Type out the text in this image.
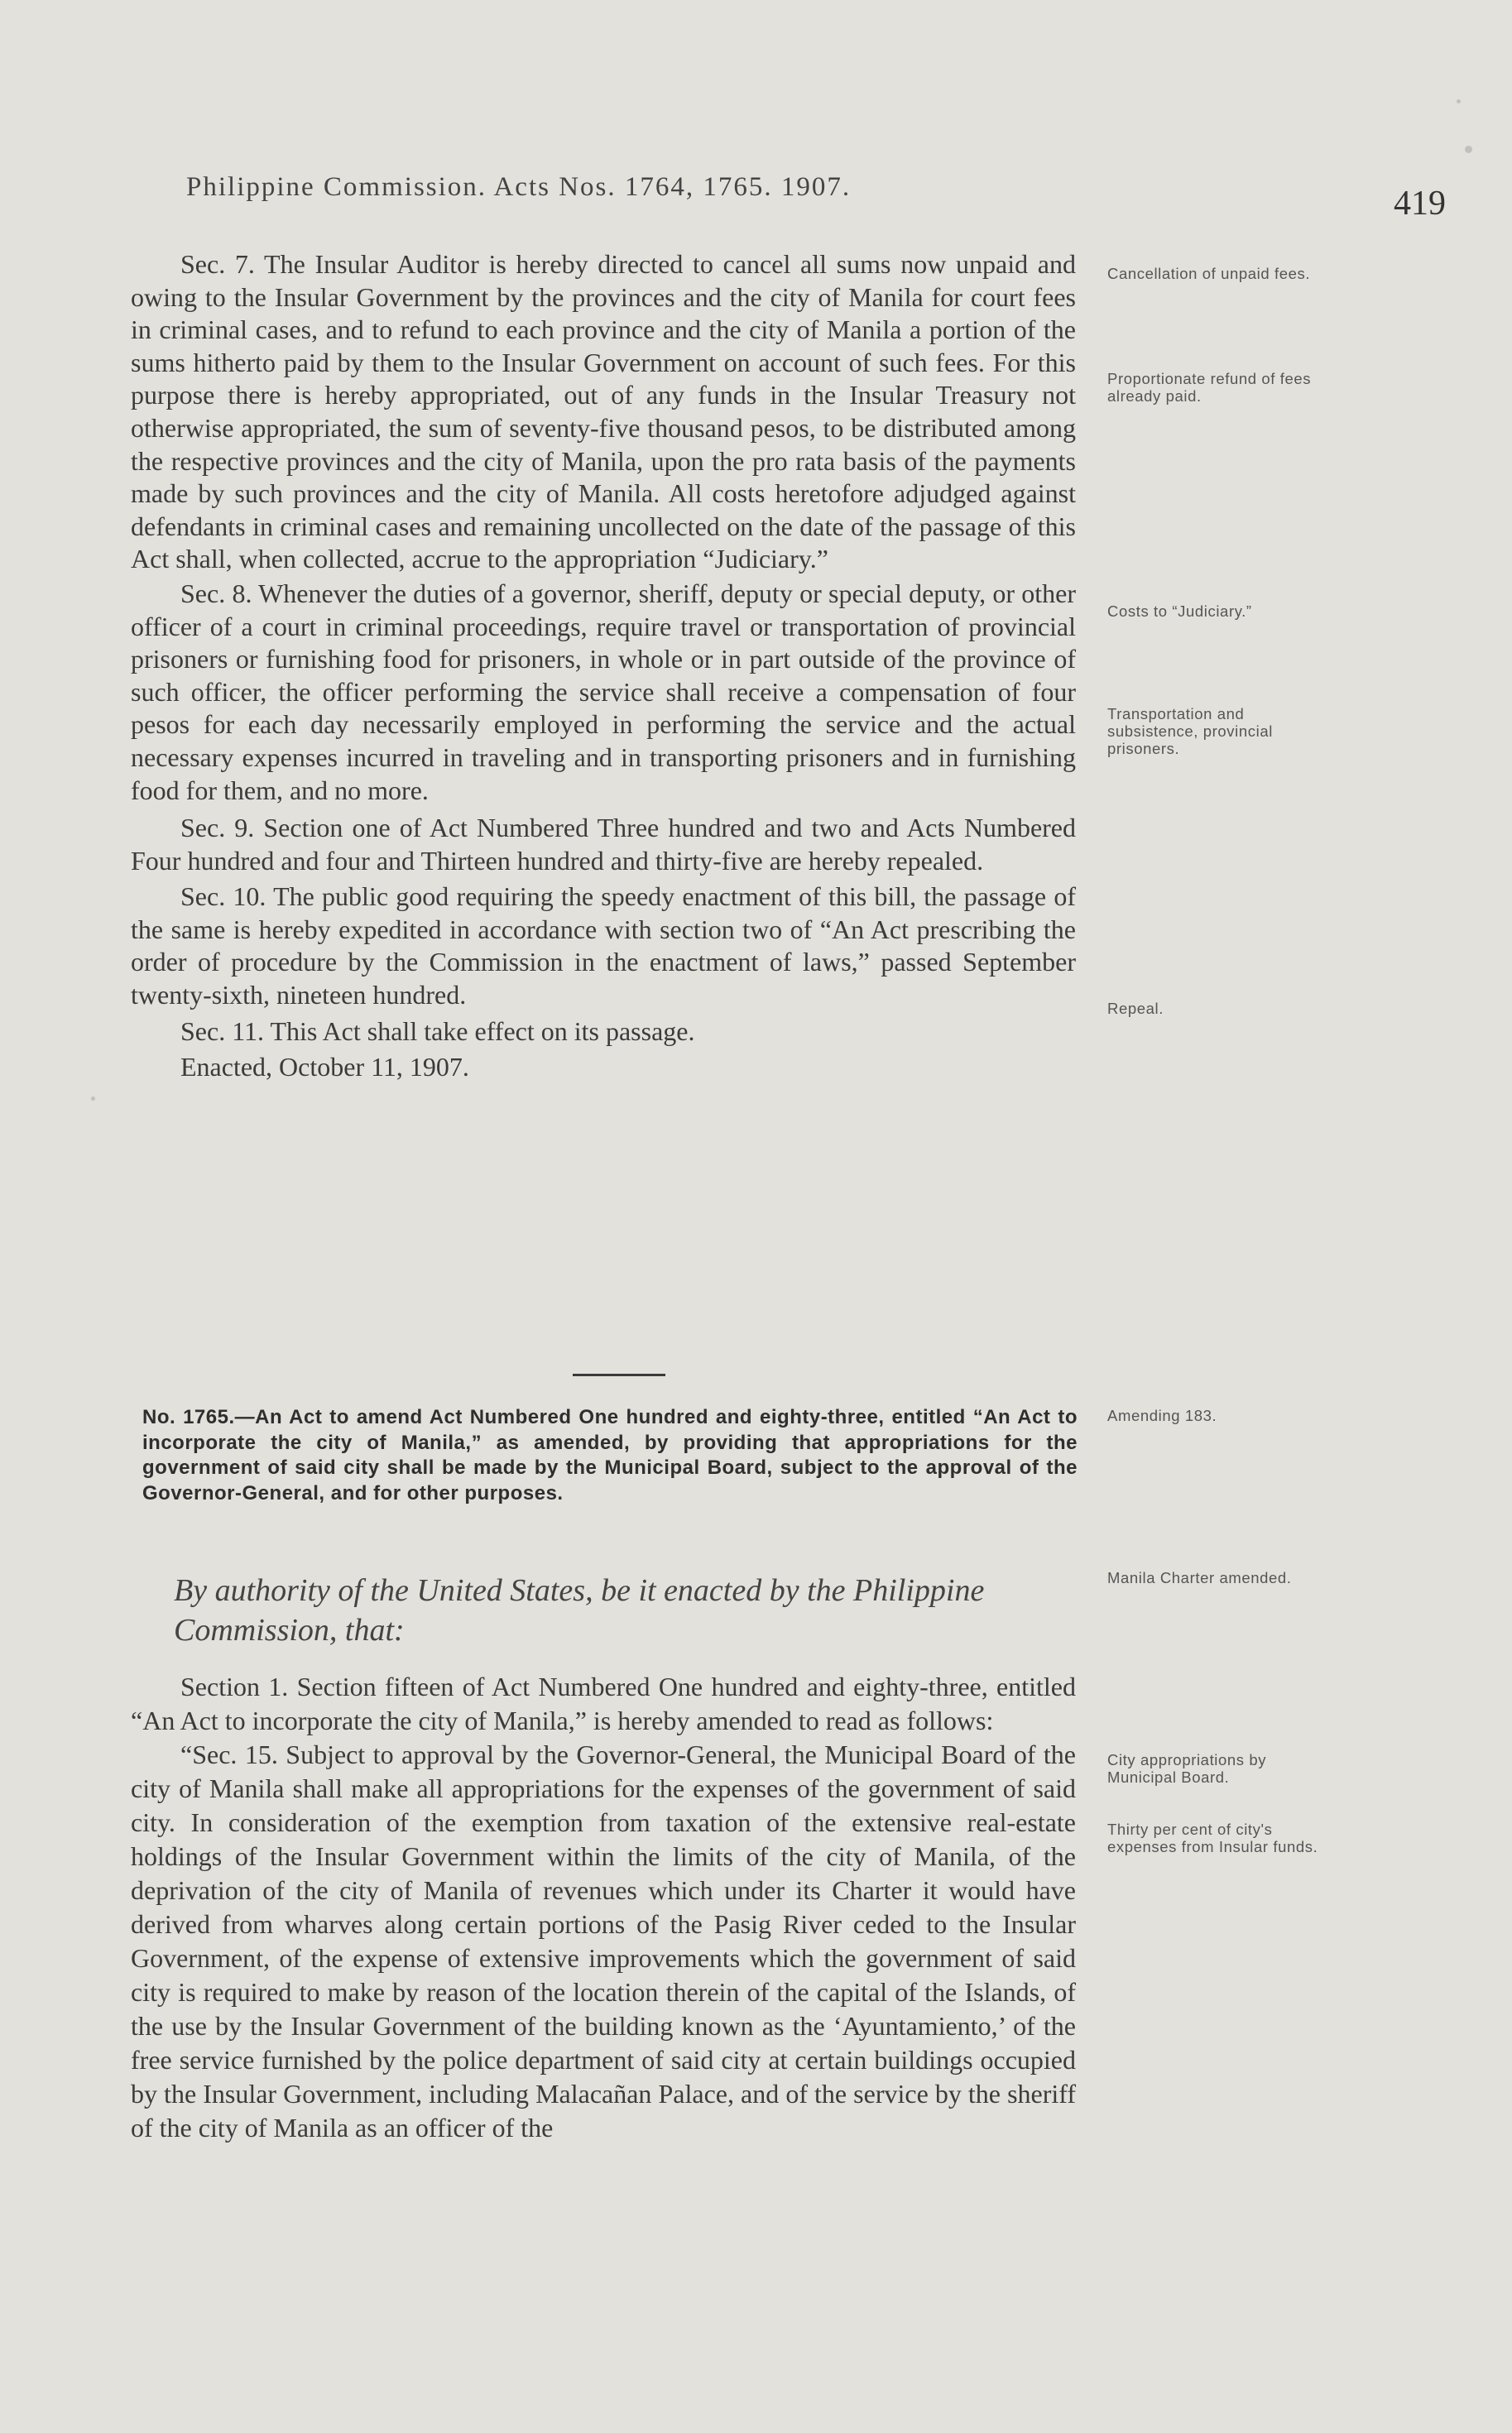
Philippine Commission. Acts Nos. 1764, 1765. 1907.	419

Sec. 7. The Insular Auditor is hereby directed to cancel all sums now unpaid and owing to the Insular Government by the provinces and the city of Manila for court fees in criminal cases, and to refund to each province and the city of Manila a portion of the sums hitherto paid by them to the Insular Government on account of such fees. For this purpose there is hereby appropriated, out of any funds in the Insular Treasury not otherwise appropriated, the sum of seventy-five thousand pesos, to be distributed among the respective provinces and the city of Manila, upon the pro rata basis of the payments made by such provinces and the city of Manila. All costs heretofore adjudged against defendants in criminal cases and remaining uncollected on the date of the passage of this Act shall, when collected, accrue to the appropriation “Judiciary.”

Sec. 8. Whenever the duties of a governor, sheriff, deputy or special deputy, or other officer of a court in criminal proceedings, require travel or transportation of provincial prisoners or furnishing food for prisoners, in whole or in part outside of the province of such officer, the officer performing the service shall receive a compensation of four pesos for each day necessarily employed in performing the service and the actual necessary expenses incurred in traveling and in transporting prisoners and in furnishing food for them, and no more.

Sec. 9. Section one of Act Numbered Three hundred and two and Acts Numbered Four hundred and four and Thirteen hundred and thirty-five are hereby repealed.

Sec. 10. The public good requiring the speedy enactment of this bill, the passage of the same is hereby expedited in accordance with section two of “An Act prescribing the order of procedure by the Commission in the enactment of laws,” passed September twenty-sixth, nineteen hundred.

Sec. 11. This Act shall take effect on its passage.

Enacted, October 11, 1907.

No. 1765.—An Act to amend Act Numbered One hundred and eighty-three, entitled “An Act to incorporate the city of Manila,” as amended, by providing that appropriations for the government of said city shall be made by the Municipal Board, subject to the approval of the Governor-General, and for other purposes.
By authority of the United States, be it enacted by the Philippine Commission, that:

Section 1. Section fifteen of Act Numbered One hundred and eighty-three, entitled “An Act to incorporate the city of Manila,” is hereby amended to read as follows:

“Sec. 15. Subject to approval by the Governor-General, the Municipal Board of the city of Manila shall make all appropriations for the expenses of the government of said city. In consideration of the exemption from taxation of the extensive real-estate holdings of the Insular Government within the limits of the city of Manila, of the deprivation of the city of Manila of revenues which under its Charter it would have derived from wharves along certain portions of the Pasig River ceded to the Insular Government, of the expense of extensive improvements which the government of said city is required to make by reason of the location therein of the capital of the Islands, of the use by the Insular Government of the building known as the ‘Ayuntamiento,’ of the free service furnished by the police department of said city at certain buildings occupied by the Insular Government, including Malacañan Palace, and of the service by the sheriff of the city of Manila as an officer of the

Cancellation of unpaid fees.
Proportionate refund of fees already paid.
Costs to “Judiciary.”
Transportation and subsistence, provincial prisoners.
Repeal.
Amending 183.
Manila Charter amended.
City appropriations by Municipal Board.
Thirty per cent of city's expenses from Insular funds.
